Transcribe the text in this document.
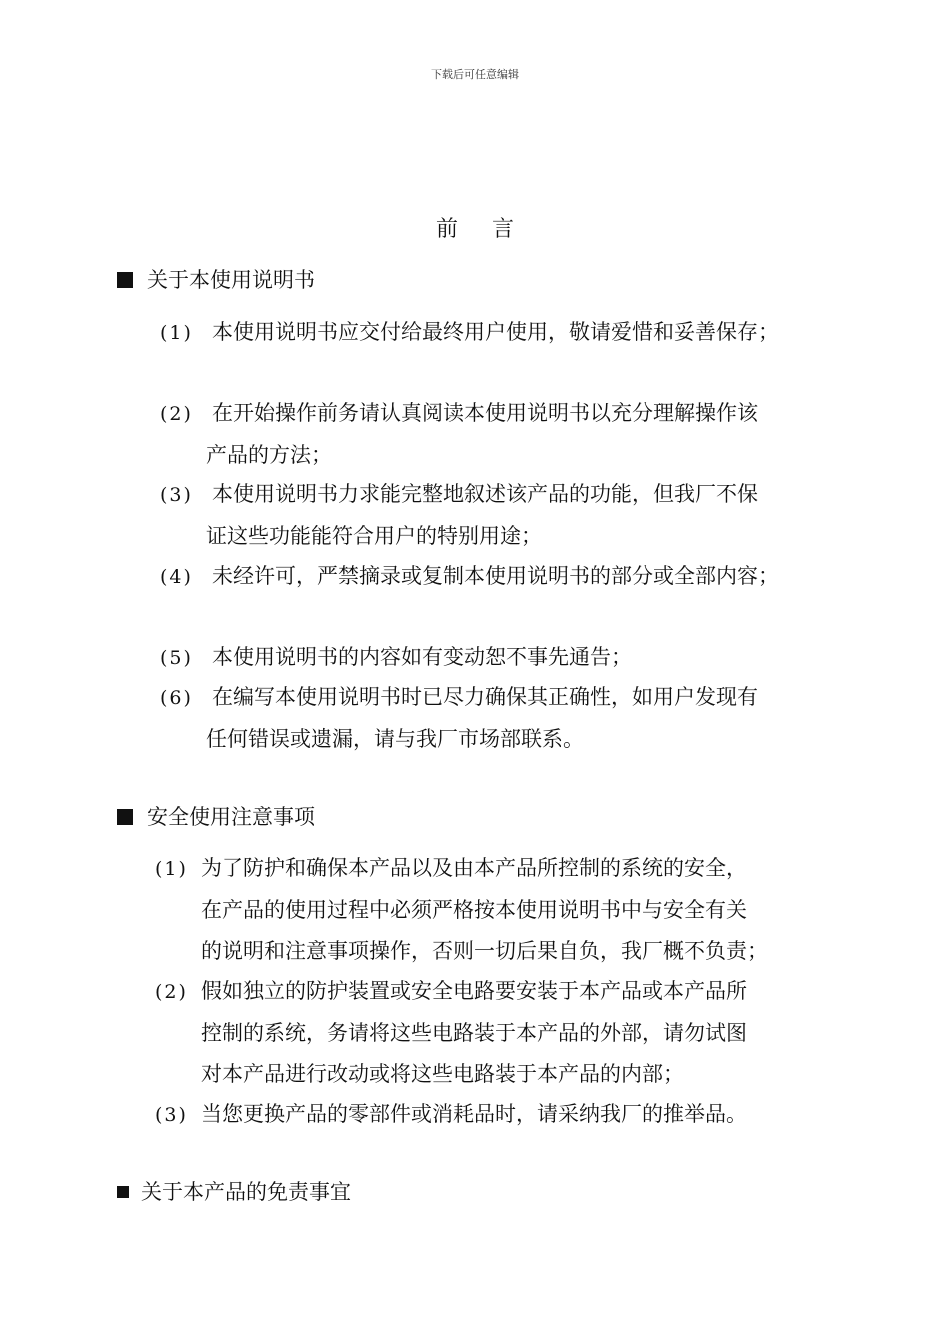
下载后可任意编辑
前言
关于本使用说明书
(1) 本使用说明书应交付给最终用户使用，敬请爱惜和妥善保存；
(2) 在开始操作前务请认真阅读本使用说明书以充分理解操作该
产品的方法；
(3) 本使用说明书力求能完整地叙述该产品的功能，但我厂不保
证这些功能能符合用户的特别用途；
(4) 未经许可，严禁摘录或复制本使用说明书的部分或全部内容；
(5) 本使用说明书的内容如有变动恕不事先通告；
(6) 在编写本使用说明书时已尽力确保其正确性，如用户发现有
任何错误或遗漏，请与我厂市场部联系。
安全使用注意事项
(1) 为了防护和确保本产品以及由本产品所控制的系统的安全，
在产品的使用过程中必须严格按本使用说明书中与安全有关
的说明和注意事项操作，否则一切后果自负，我厂概不负责；
(2) 假如独立的防护装置或安全电路要安装于本产品或本产品所
控制的系统，务请将这些电路装于本产品的外部，请勿试图
对本产品进行改动或将这些电路装于本产品的内部；
(3) 当您更换产品的零部件或消耗品时，请采纳我厂的推举品。
关于本产品的免责事宜
